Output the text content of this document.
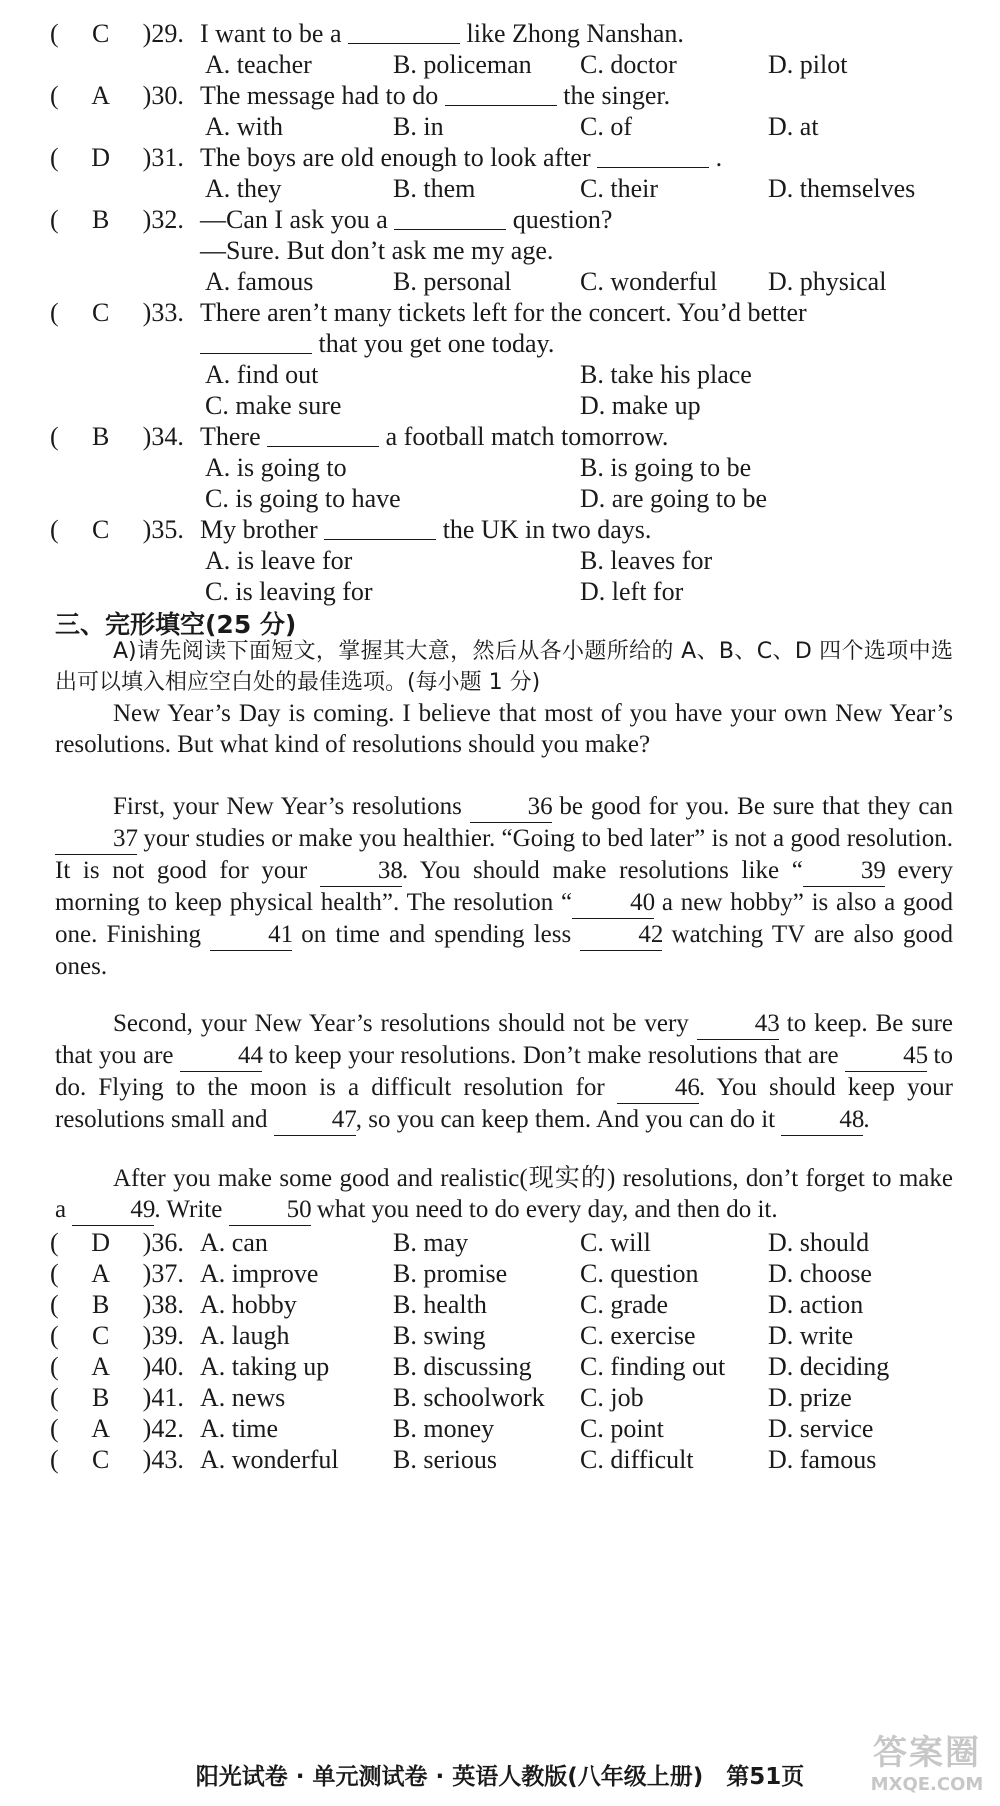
( C )29. I want to be a	like Zhong Nanshan.
A. teacher	B. policeman C. doctor	D. pilot
( A )30. The message had to do	the singer.
A. with	B. in	C. of	D. at
( D )31. The boys are old enough to look after	.
A. they	B. them	C. their	D. themselves
( B )32. —Can I ask you a	question?
—Sure. But don’t ask me my age.
A. famous	B. personal	C. wonderful D. physical
( C )33. There aren’t many tickets left for the concert. You’d better
that you get one today.
A. find out	B. take his place
C. make sure	D. make up
( B )34. There	a football match tomorrow.
A. is going to	B. is going to be
C. is going to have	D. are going to be
( C )35. My brother	the UK in two days.
A. is leave for	B. leaves for
C. is leaving for	D. left for
三、完形填空(25 分)
A)请先阅读下面短文，掌握其大意，然后从各小题所给的 A、B、C、D 四个选项中选出可以填入相应空白处的最佳选项。(每小题 1 分)
New Year’s Day is coming. I believe that most of you have your own New Year’s resolutions. But what kind of resolutions should you make?
First, your New Year’s resolutions 36 be good for you. Be sure that they can 37 your studies or make you healthier. “Going to bed later” is not a good resolution. It is not good for your 38. You should make resolutions like “ 39 every morning to keep physical health”. The resolution “ 40 a new hobby” is also a good one. Finishing 41 on time and spending less 42 watching TV are also good ones.
Second, your New Year’s resolutions should not be very 43 to keep. Be sure that you are 44 to keep your resolutions. Don’t make resolutions that are 45 to do. Flying to the moon is a difficult resolution for 46. You should keep your resolutions small and 47, so you can keep them. And you can do it 48.
After you make some good and realistic(现实的) resolutions, don’t forget to make a 49. Write 50 what you need to do every day, and then do it.
( D )36. A. can	B. may	C. will	D. should
( A )37. A. improve	B. promise	C. question	D. choose
( B )38. A. hobby	B. health	C. grade	D. action
( C )39. A. laugh	B. swing	C. exercise	D. write
( A )40. A. taking up B. discussing C. finding out D. deciding
( B )41. A. news	B. schoolwork C. job	D. prize
( A )42. A. time	B. money	C. point	D. service
( C )43. A. wonderful B. serious	C. difficult	D. famous
阳光试卷 · 单元测试卷 · 英语人教版(八年级上册)　第51页
答案圈
MXQE.COM
